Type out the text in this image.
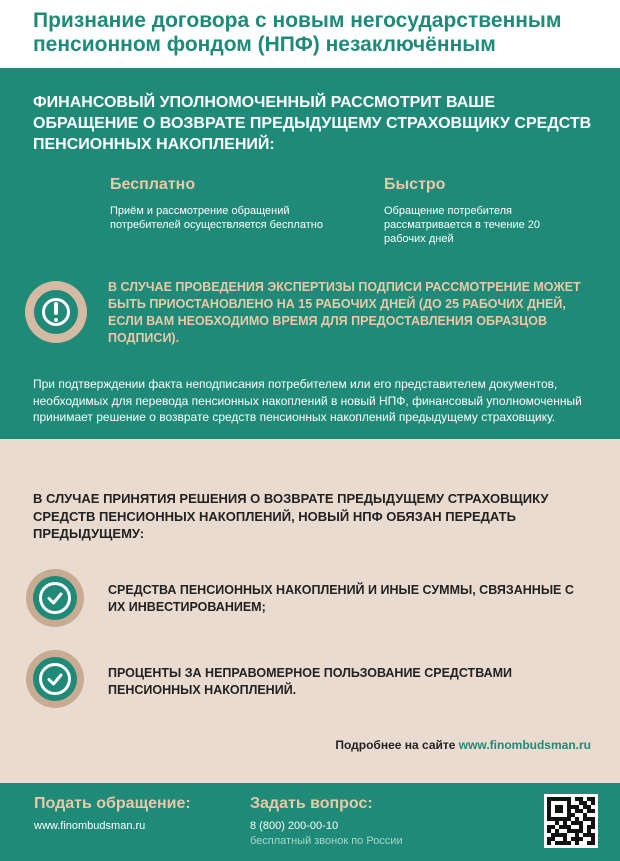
Признание договора с новым негосударственным пенсионном фондом (НПФ) незаключённым
ФИНАНСОВЫЙ УПОЛНОМОЧЕННЫЙ РАССМОТРИТ ВАШЕ ОБРАЩЕНИЕ О ВОЗВРАТЕ ПРЕДЫДУЩЕМУ СТРАХОВЩИКУ СРЕДСТВ ПЕНСИОННЫХ НАКОПЛЕНИЙ:
Бесплатно
Приём и рассмотрение обращений потребителей осуществляется бесплатно
Быстро
Обращение потребителя рассматривается в течение 20 рабочих дней
В СЛУЧАЕ ПРОВЕДЕНИЯ ЭКСПЕРТИЗЫ ПОДПИСИ РАССМОТРЕНИЕ МОЖЕТ БЫТЬ ПРИОСТАНОВЛЕНО НА 15 РАБОЧИХ ДНЕЙ (ДО 25 РАБОЧИХ ДНЕЙ, ЕСЛИ ВАМ НЕОБХОДИМО ВРЕМЯ ДЛЯ ПРЕДОСТАВЛЕНИЯ ОБРАЗЦОВ ПОДПИСИ).
При подтверждении факта неподписания потребителем или его представителем документов, необходимых для перевода пенсионных накоплений в новый НПФ, финансовый уполномоченный принимает решение о возврате средств пенсионных накоплений предыдущему страховщику.
В СЛУЧАЕ ПРИНЯТИЯ РЕШЕНИЯ О ВОЗВРАТЕ ПРЕДЫДУЩЕМУ СТРАХОВЩИКУ СРЕДСТВ ПЕНСИОННЫХ НАКОПЛЕНИЙ, НОВЫЙ НПФ ОБЯЗАН ПЕРЕДАТЬ ПРЕДЫДУЩЕМУ:
СРЕДСТВА ПЕНСИОННЫХ НАКОПЛЕНИЙ И ИНЫЕ СУММЫ, СВЯЗАННЫЕ С ИХ ИНВЕСТИРОВАНИЕМ;
ПРОЦЕНТЫ ЗА НЕПРАВОМЕРНОЕ ПОЛЬЗОВАНИЕ СРЕДСТВАМИ ПЕНСИОННЫХ НАКОПЛЕНИЙ.
Подробнее на сайте www.finombudsman.ru
Подать обращение:
www.finombudsman.ru
Задать вопрос:
8 (800) 200-00-10
бесплатный звонок по России
